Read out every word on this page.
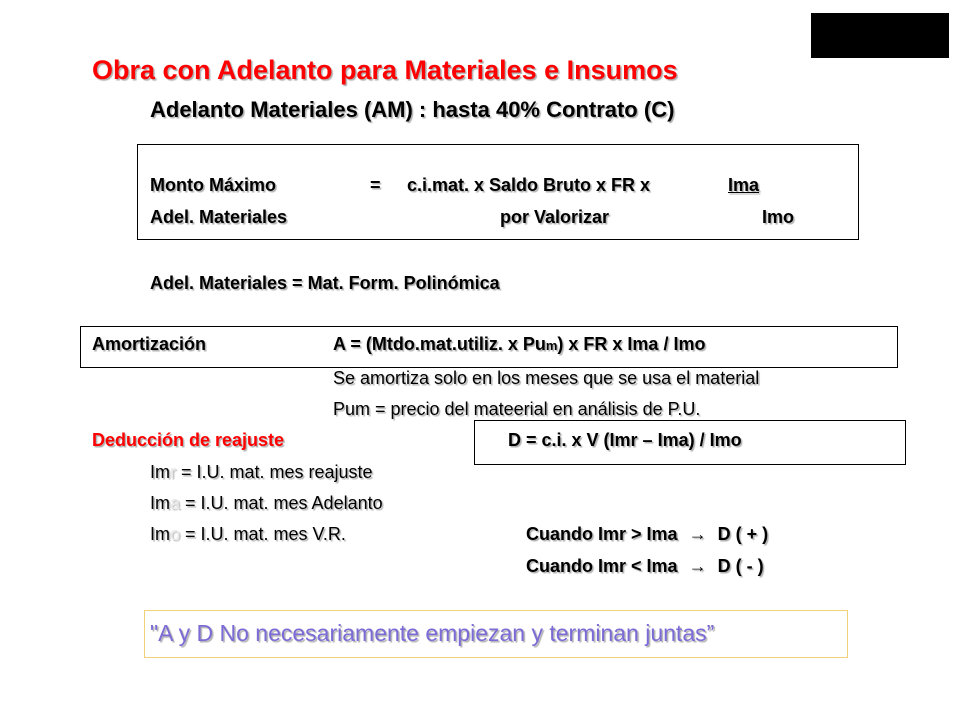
Obra con Adelanto para Materiales e Insumos
Adelanto Materiales (AM) : hasta 40% Contrato (C)
Monto Máximo	= c.i.mat. x Saldo Bruto x FR x	Ima
Adel. Materiales	por Valorizar	Imo
Adel. Materiales = Mat. Form. Polinómica
Amortización	A = (Mtdo.mat.utiliz. x Pum) x FR x Ima / Imo
Se amortiza solo en los meses que se usa el material
Pum = precio del mateerial en análisis de P.U.
Deducción de reajuste	D = c.i. x V (Imr – Ima) / Imo
Imr = I.U. mat. mes reajuste
Ima = I.U. mat. mes Adelanto
Imo = I.U. mat. mes V.R.	Cuando Imr > Ima → D ( + )
Cuando Imr < Ima → D ( - )
"A y D No necesariamente empiezan y terminan juntas”
